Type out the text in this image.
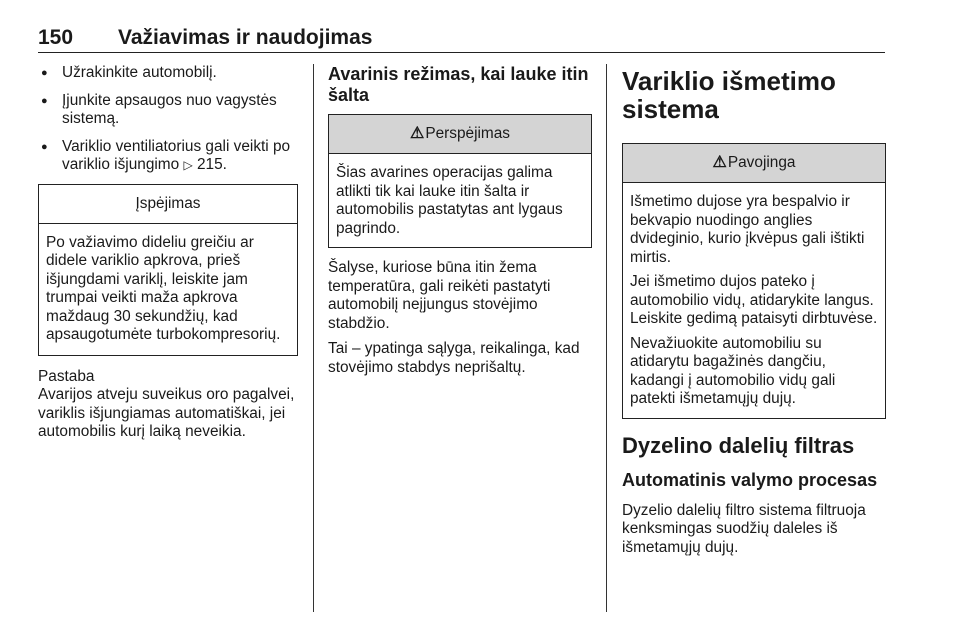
150 Važiavimas ir naudojimas
● Užrakinkite automobilį.
● Įjunkite apsaugos nuo vagystės sistemą.
● Variklio ventiliatorius gali veikti po variklio išjungimo ▷ 215.
Įspėjimas

Po važiavimo dideliu greičiu ar didele variklio apkrova, prieš išjungdami variklį, leiskite jam trumpai veikti maža apkrova maždaug 30 sekundžių, kad apsaugotumėte turbokompresorių.

Pastaba

Avarijos atveju suveikus oro pagalvei, variklis išjungiamas automatiškai, jei automobilis kurį laiką neveikia.

Avarinis režimas, kai lauke itin šalta
⚠Perspėjimas

Šias avarines operacijas galima atlikti tik kai lauke itin šalta ir automobilis pastatytas ant lygaus pagrindo.

Šalyse, kuriose būna itin žema temperatūra, gali reikėti pastatyti automobilį neįjungus stovėjimo stabdžio.

Tai – ypatinga sąlyga, reikalinga, kad stovėjimo stabdys neprišaltų.

Variklio išmetimo sistema
⚠Pavojinga

Išmetimo dujose yra bespalvio ir bekvapio nuodingo anglies dvideginio, kurio įkvėpus gali ištikti mirtis.

Jei išmetimo dujos pateko į automobilio vidų, atidarykite langus. Leiskite gedimą pataisyti dirbtuvėse.

Nevažiuokite automobiliu su atidarytu bagažinės dangčiu, kadangi į automobilio vidų gali patekti išmetamųjų dujų.

Dyzelino dalelių filtras
Automatinis valymo procesas

Dyzelio dalelių filtro sistema filtruoja kenksmingas suodžių daleles iš išmetamųjų dujų.
